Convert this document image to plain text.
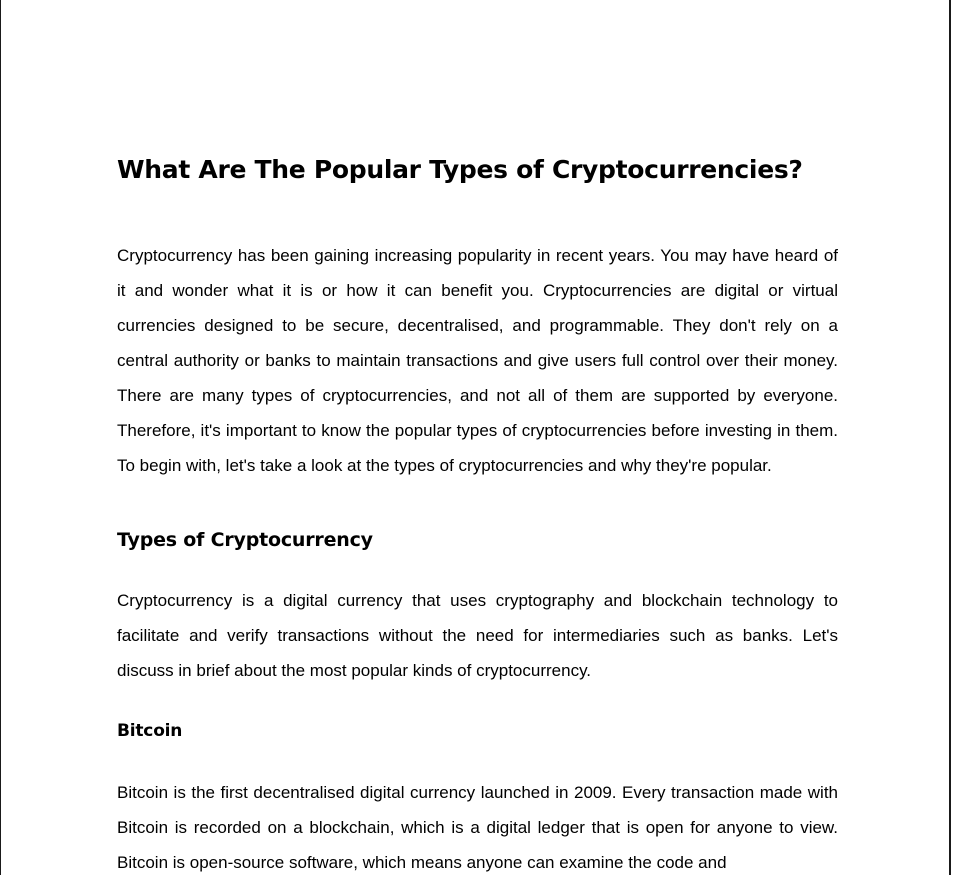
What Are The Popular Types of Cryptocurrencies?

Cryptocurrency has been gaining increasing popularity in recent years. You may have heard of it and wonder what it is or how it can benefit you. Cryptocurrencies are digital or virtual currencies designed to be secure, decentralised, and programmable. They don't rely on a central authority or banks to maintain transactions and give users full control over their money. There are many types of cryptocurrencies, and not all of them are supported by everyone. Therefore, it's important to know the popular types of cryptocurrencies before investing in them. To begin with, let's take a look at the types of cryptocurrencies and why they're popular.

Types of Cryptocurrency

Cryptocurrency is a digital currency that uses cryptography and blockchain technology to facilitate and verify transactions without the need for intermediaries such as banks. Let's discuss in brief about the most popular kinds of cryptocurrency.

Bitcoin

Bitcoin is the first decentralised digital currency launched in 2009. Every transaction made with Bitcoin is recorded on a blockchain, which is a digital ledger that is open for anyone to view. Bitcoin is open-source software, which means anyone can examine the code and
